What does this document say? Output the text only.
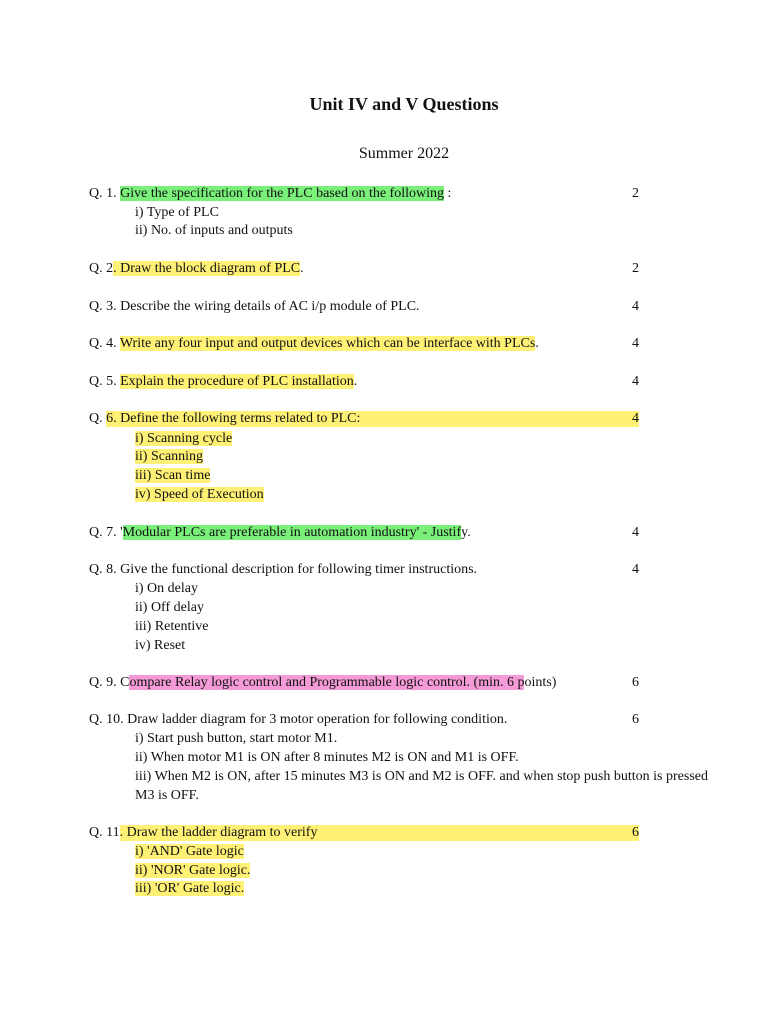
Unit IV and V Questions
Summer 2022
Q. 1. Give the specification for the PLC based on the following :	2
i) Type of PLC
ii) No. of inputs and outputs
Q. 2. Draw the block diagram of PLC.	2
Q. 3. Describe the wiring details of AC i/p module of PLC.	4
Q. 4. Write any four input and output devices which can be interface with PLCs.	4
Q. 5. Explain the procedure of PLC installation.	4
Q. 6. Define the following terms related to PLC:	4
i) Scanning cycle
ii) Scanning
iii) Scan time
iv) Speed of Execution
Q. 7. 'Modular PLCs are preferable in automation industry' - Justify.	4
Q. 8. Give the functional description for following timer instructions.	4
i) On delay
ii) Off delay
iii) Retentive
iv) Reset
Q. 9. Compare Relay logic control and Programmable logic control. (min. 6 points)	6
Q. 10. Draw ladder diagram for 3 motor operation for following condition.	6
i) Start push button, start motor M1.
ii) When motor M1 is ON after 8 minutes M2 is ON and M1 is OFF.
iii) When M2 is ON, after 15 minutes M3 is ON and M2 is OFF. and when stop push button is pressed
M3 is OFF.
Q. 11. Draw the ladder diagram to verify	6
i) 'AND' Gate logic
ii) 'NOR' Gate logic.
iii) 'OR' Gate logic.
